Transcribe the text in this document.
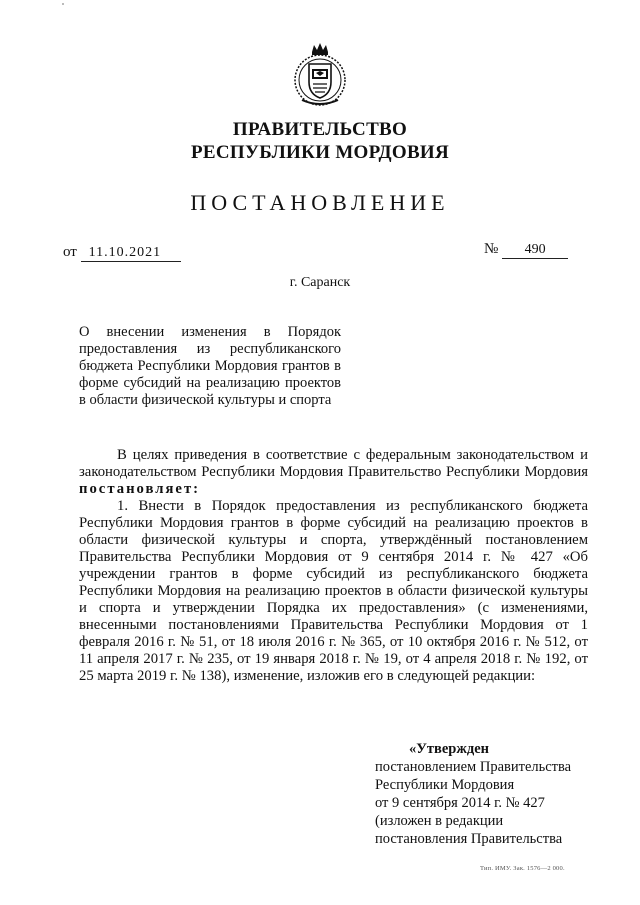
ПРАВИТЕЛЬСТВО
РЕСПУБЛИКИ МОРДОВИЯ
ПОСТАНОВЛЕНИЕ
от 11.10.2021	№ 490
г. Саранск
О внесении изменения в Порядок предоставления из республиканского бюджета Республики Мордовия грантов в форме субсидий на реализацию проектов в области физической культуры и спорта

В целях приведения в соответствие с федеральным законодательством и законодательством Республики Мордовия Правительство Республики Мордовия постановляет:

1. Внести в Порядок предоставления из республиканского бюджета Республики Мордовия грантов в форме субсидий на реализацию проектов в области физической культуры и спорта, утверждённый постановлением Правительства Республики Мордовия от 9 сентября 2014 г. № 427 «Об учреждении грантов в форме субсидий из республиканского бюджета Республики Мордовия на реализацию проектов в области физической культуры и спорта и утверждении Порядка их предоставления» (с изменениями, внесенными постановлениями Правительства Республики Мордовия от 1 февраля 2016 г. № 51, от 18 июля 2016 г. № 365, от 10 октября 2016 г. № 512, от 11 апреля 2017 г. № 235, от 19 января 2018 г. № 19, от 4 апреля 2018 г. № 192, от 25 марта 2019 г. № 138), изменение, изложив его в следующей редакции:

«Утвержден
постановлением Правительства
Республики Мордовия
от 9 сентября 2014 г. № 427
(изложен в редакции
постановления Правительства
Тип. ИМУ. Зак. 1576—2 000.
